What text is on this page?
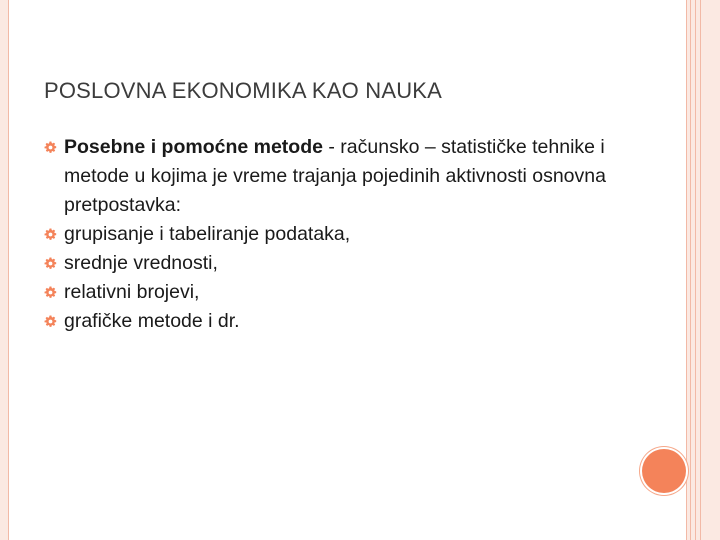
POSLOVNA EKONOMIKA KAO NAUKA
Posebne i pomoćne metode - računsko – statističke tehnike i metode u kojima je vreme trajanja pojedinih aktivnosti osnovna pretpostavka:
grupisanje i tabeliranje podataka,
srednje vrednosti,
relativni brojevi,
grafičke metode i dr.
